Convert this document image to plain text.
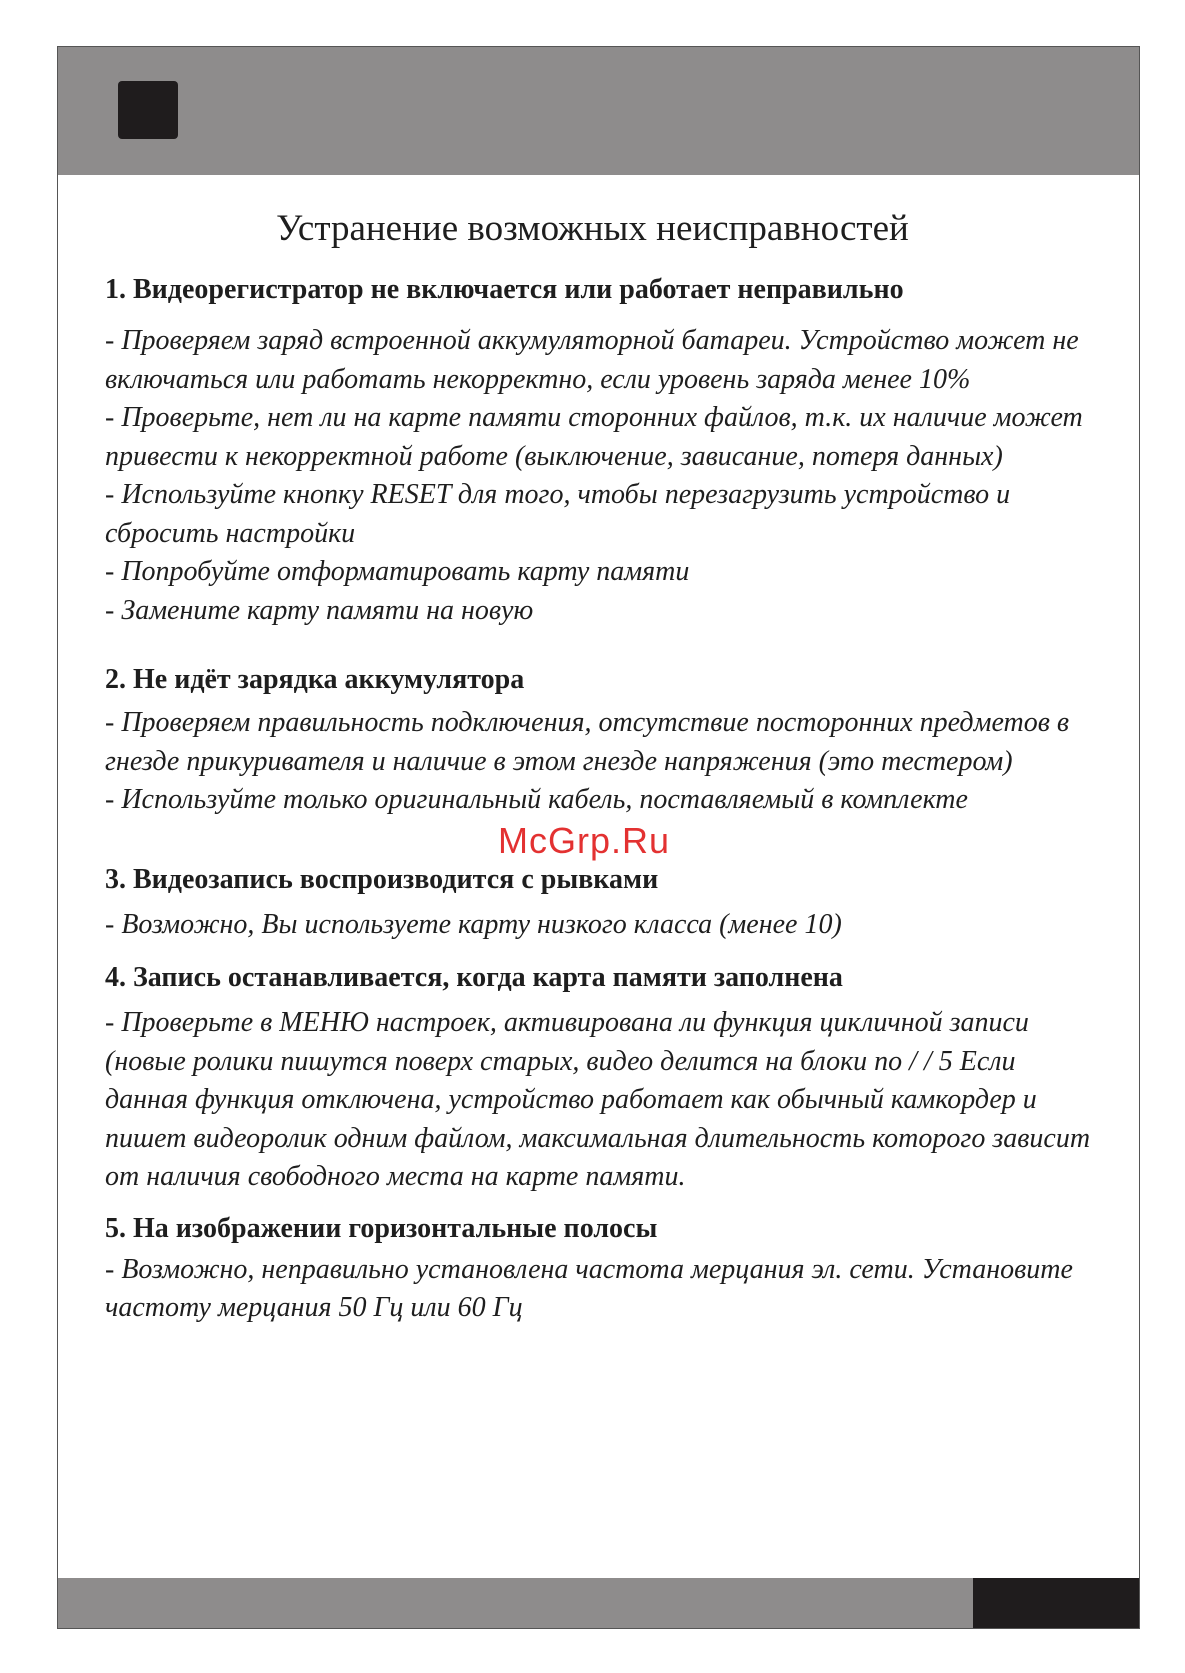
Устранение возможных неисправностей

1. Видеорегистратор не включается или работает неправильно

- Проверяем заряд встроенной аккумуляторной батареи. Устройство может не включаться или работать некорректно, если уровень заряда менее 10%

- Проверьте, нет ли на карте памяти сторонних файлов, т.к. их наличие может привести к некорректной работе (выключение, зависание, потеря данных)

- Используйте кнопку RESET для того, чтобы перезагрузить устройство и сбросить настройки

- Попробуйте отформатировать карту памяти

- Замените карту памяти на новую

2. Не идёт зарядка аккумулятора

- Проверяем правильность подключения, отсутствие посторонних предметов в гнезде прикуривателя и наличие в этом гнезде напряжения (это тестером)

- Используйте только оригинальный кабель, поставляемый в комплекте

3. Видеозапись воспроизводится с рывками

- Возможно, Вы используете карту низкого класса (менее 10)

4. Запись останавливается, когда карта памяти заполнена

- Проверьте в МЕНЮ настроек, активирована ли функция цикличной записи (новые ролики пишутся поверх старых, видео делится на блоки по / / 5 Если данная функция отключена, устройство работает как обычный камкордер и пишет видеоролик одним файлом, максимальная длительность которого зависит от наличия свободного места на карте памяти.

5. На изображении горизонтальные полосы

- Возможно, неправильно установлена частота мерцания эл. сети. Установите частоту мерцания 50 Гц или 60 Гц

McGrp.Ru
